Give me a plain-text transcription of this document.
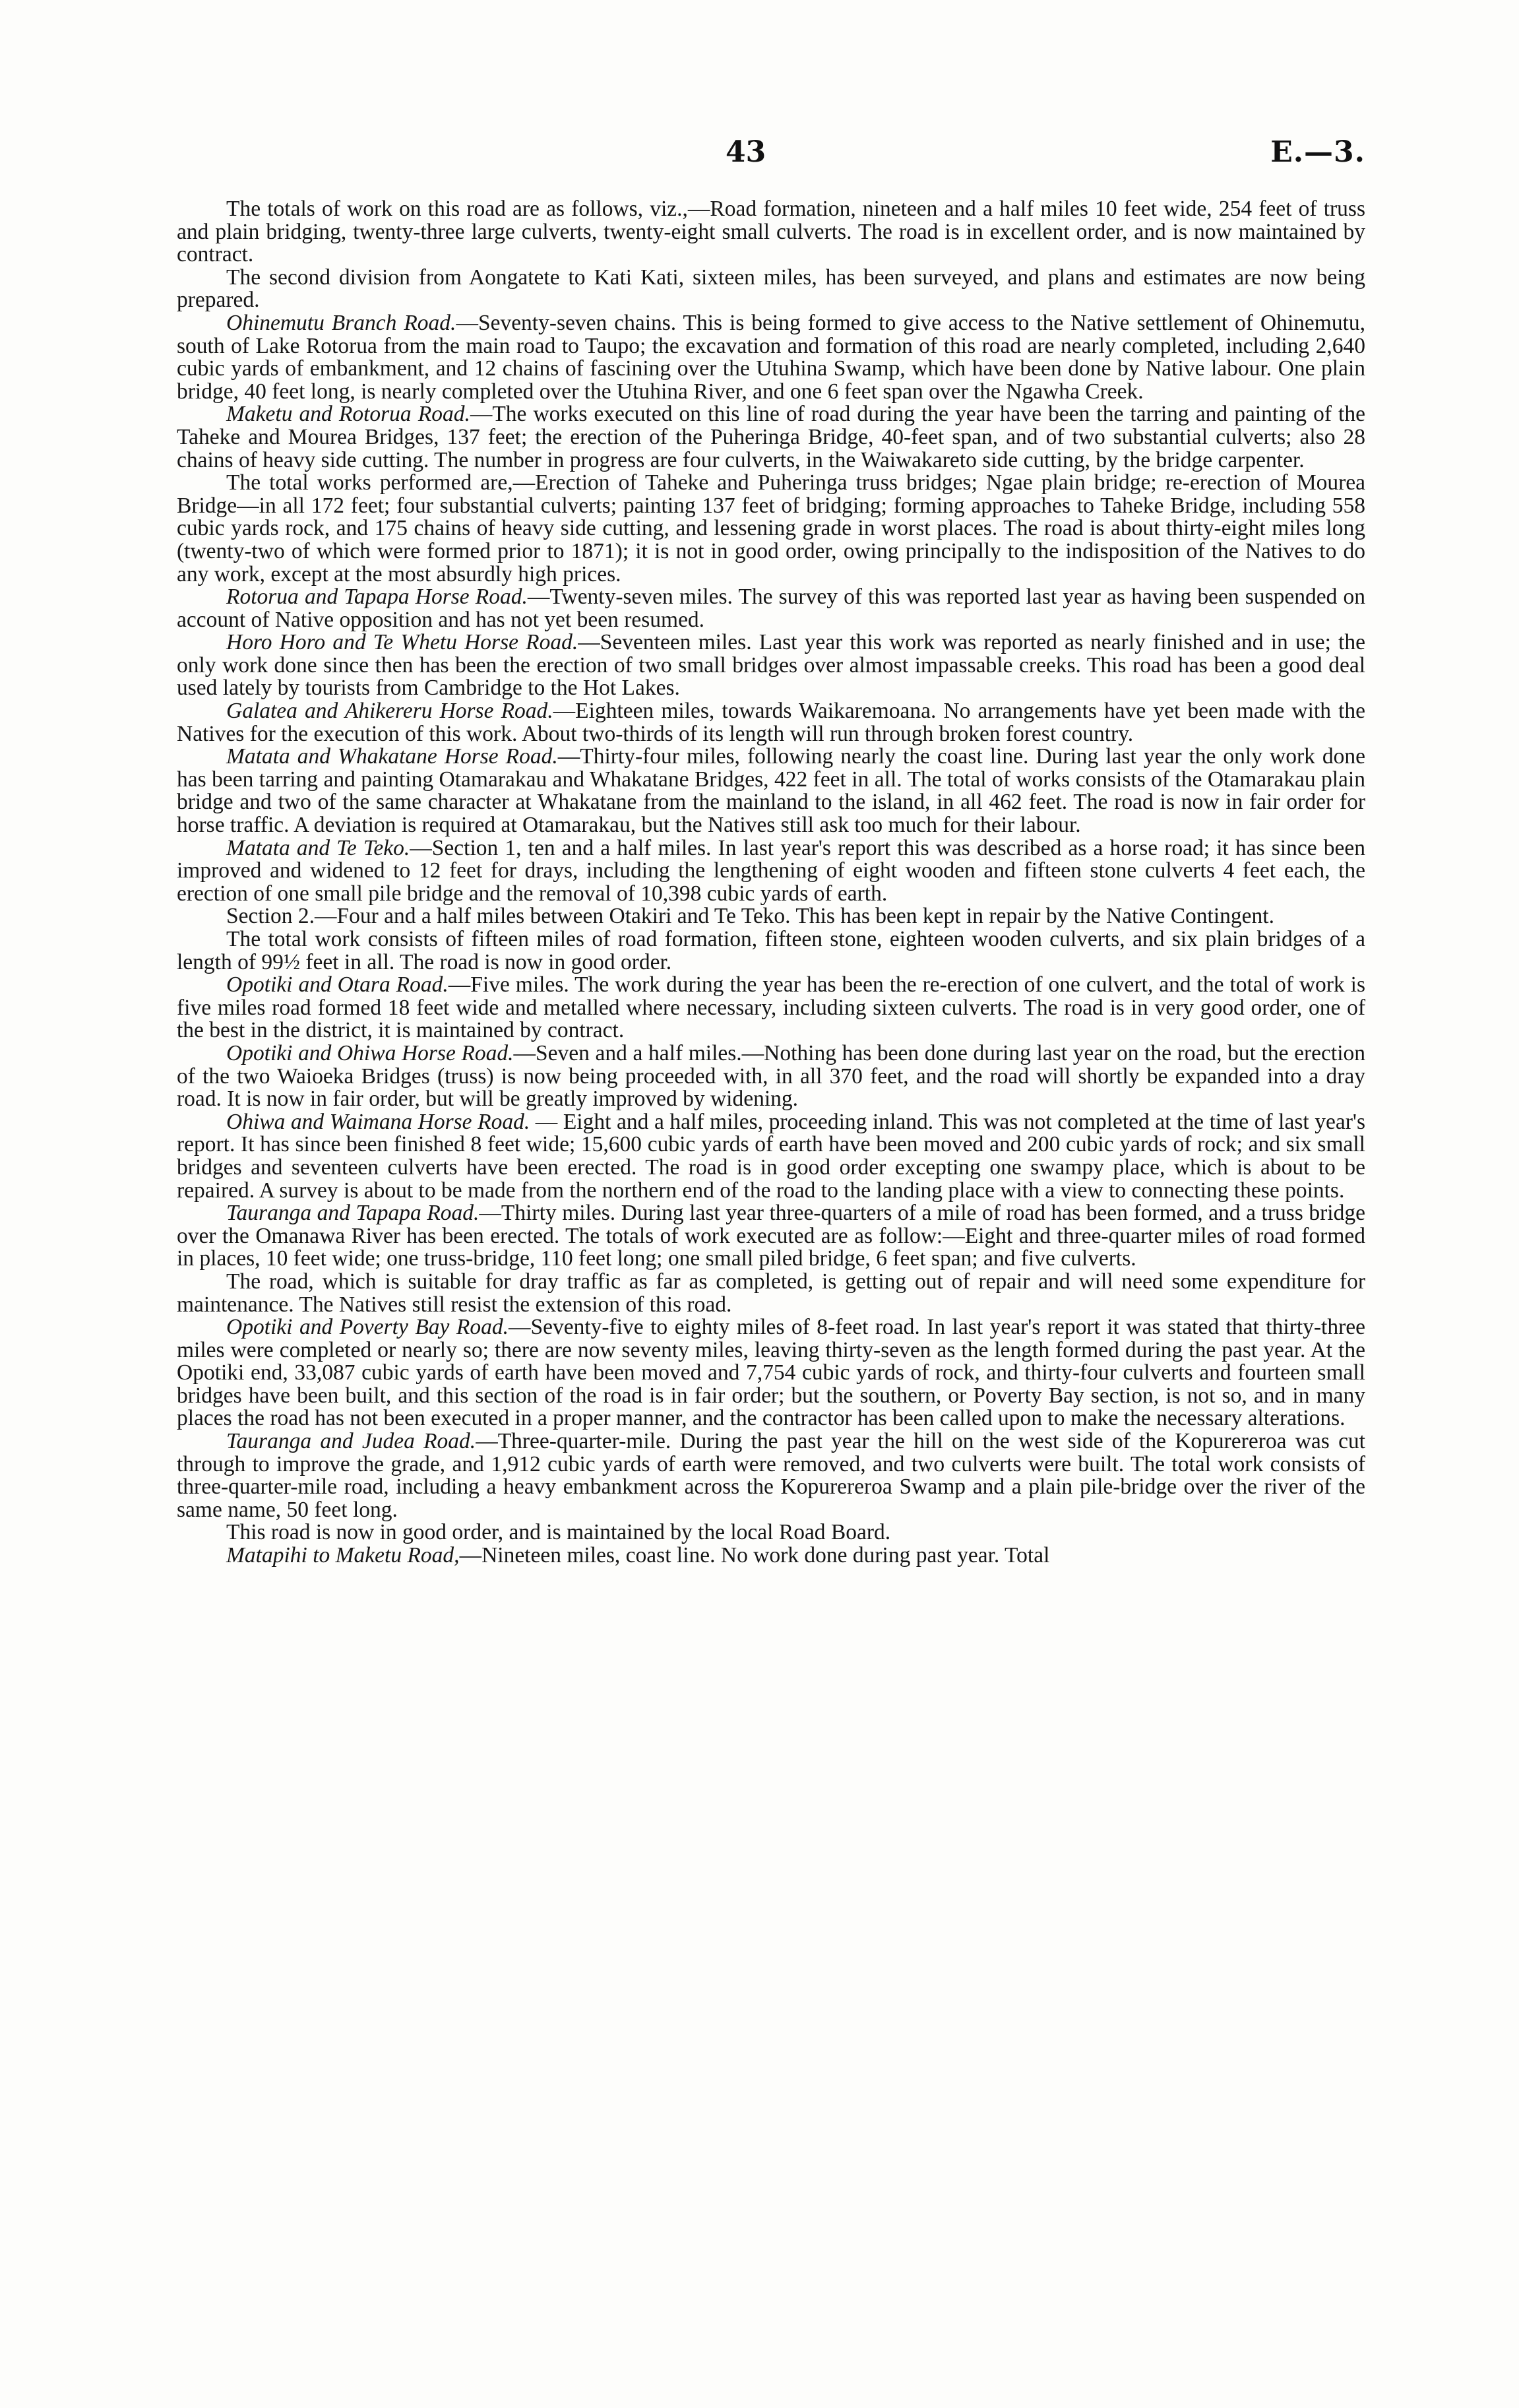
43	E.—3.

The totals of work on this road are as follows, viz.,—Road formation, nineteen and a half miles 10 feet wide, 254 feet of truss and plain bridging, twenty-three large culverts, twenty-eight small culverts. The road is in excellent order, and is now maintained by contract.

The second division from Aongatete to Kati Kati, sixteen miles, has been surveyed, and plans and estimates are now being prepared.

Ohinemutu Branch Road.—Seventy-seven chains. This is being formed to give access to the Native settlement of Ohinemutu, south of Lake Rotorua from the main road to Taupo; the excavation and formation of this road are nearly completed, including 2,640 cubic yards of embankment, and 12 chains of fascining over the Utuhina Swamp, which have been done by Native labour. One plain bridge, 40 feet long, is nearly completed over the Utuhina River, and one 6 feet span over the Ngawha Creek.

Maketu and Rotorua Road.—The works executed on this line of road during the year have been the tarring and painting of the Taheke and Mourea Bridges, 137 feet; the erection of the Puheringa Bridge, 40-feet span, and of two substantial culverts; also 28 chains of heavy side cutting. The number in progress are four culverts, in the Waiwakareto side cutting, by the bridge carpenter.

The total works performed are,—Erection of Taheke and Puheringa truss bridges; Ngae plain bridge; re-erection of Mourea Bridge—in all 172 feet; four substantial culverts; painting 137 feet of bridging; forming approaches to Taheke Bridge, including 558 cubic yards rock, and 175 chains of heavy side cutting, and lessening grade in worst places. The road is about thirty-eight miles long (twenty-two of which were formed prior to 1871); it is not in good order, owing principally to the indisposition of the Natives to do any work, except at the most absurdly high prices.

Rotorua and Tapapa Horse Road.—Twenty-seven miles. The survey of this was reported last year as having been suspended on account of Native opposition and has not yet been resumed.

Horo Horo and Te Whetu Horse Road.—Seventeen miles. Last year this work was reported as nearly finished and in use; the only work done since then has been the erection of two small bridges over almost impassable creeks. This road has been a good deal used lately by tourists from Cambridge to the Hot Lakes.

Galatea and Ahikereru Horse Road.—Eighteen miles, towards Waikaremoana. No arrangements have yet been made with the Natives for the execution of this work. About two-thirds of its length will run through broken forest country.

Matata and Whakatane Horse Road.—Thirty-four miles, following nearly the coast line. During last year the only work done has been tarring and painting Otamarakau and Whakatane Bridges, 422 feet in all. The total of works consists of the Otamarakau plain bridge and two of the same character at Whakatane from the mainland to the island, in all 462 feet. The road is now in fair order for horse traffic. A deviation is required at Otamarakau, but the Natives still ask too much for their labour.

Matata and Te Teko.—Section 1, ten and a half miles. In last year's report this was described as a horse road; it has since been improved and widened to 12 feet for drays, including the lengthening of eight wooden and fifteen stone culverts 4 feet each, the erection of one small pile bridge and the removal of 10,398 cubic yards of earth.

Section 2.—Four and a half miles between Otakiri and Te Teko. This has been kept in repair by the Native Contingent.

The total work consists of fifteen miles of road formation, fifteen stone, eighteen wooden culverts, and six plain bridges of a length of 99½ feet in all. The road is now in good order.

Opotiki and Otara Road.—Five miles. The work during the year has been the re-erection of one culvert, and the total of work is five miles road formed 18 feet wide and metalled where necessary, including sixteen culverts. The road is in very good order, one of the best in the district, it is maintained by contract.

Opotiki and Ohiwa Horse Road.—Seven and a half miles.—Nothing has been done during last year on the road, but the erection of the two Waioeka Bridges (truss) is now being proceeded with, in all 370 feet, and the road will shortly be expanded into a dray road. It is now in fair order, but will be greatly improved by widening.

Ohiwa and Waimana Horse Road. — Eight and a half miles, proceeding inland. This was not completed at the time of last year's report. It has since been finished 8 feet wide; 15,600 cubic yards of earth have been moved and 200 cubic yards of rock; and six small bridges and seventeen culverts have been erected. The road is in good order excepting one swampy place, which is about to be repaired. A survey is about to be made from the northern end of the road to the landing place with a view to connecting these points.

Tauranga and Tapapa Road.—Thirty miles. During last year three-quarters of a mile of road has been formed, and a truss bridge over the Omanawa River has been erected. The totals of work executed are as follow:—Eight and three-quarter miles of road formed in places, 10 feet wide; one truss-bridge, 110 feet long; one small piled bridge, 6 feet span; and five culverts.

The road, which is suitable for dray traffic as far as completed, is getting out of repair and will need some expenditure for maintenance. The Natives still resist the extension of this road.

Opotiki and Poverty Bay Road.—Seventy-five to eighty miles of 8-feet road. In last year's report it was stated that thirty-three miles were completed or nearly so; there are now seventy miles, leaving thirty-seven as the length formed during the past year. At the Opotiki end, 33,087 cubic yards of earth have been moved and 7,754 cubic yards of rock, and thirty-four culverts and fourteen small bridges have been built, and this section of the road is in fair order; but the southern, or Poverty Bay section, is not so, and in many places the road has not been executed in a proper manner, and the contractor has been called upon to make the necessary alterations.

Tauranga and Judea Road.—Three-quarter-mile. During the past year the hill on the west side of the Kopurereroa was cut through to improve the grade, and 1,912 cubic yards of earth were removed, and two culverts were built. The total work consists of three-quarter-mile road, including a heavy embankment across the Kopurereroa Swamp and a plain pile-bridge over the river of the same name, 50 feet long.

This road is now in good order, and is maintained by the local Road Board.

Matapihi to Maketu Road,—Nineteen miles, coast line. No work done during past year. Total
